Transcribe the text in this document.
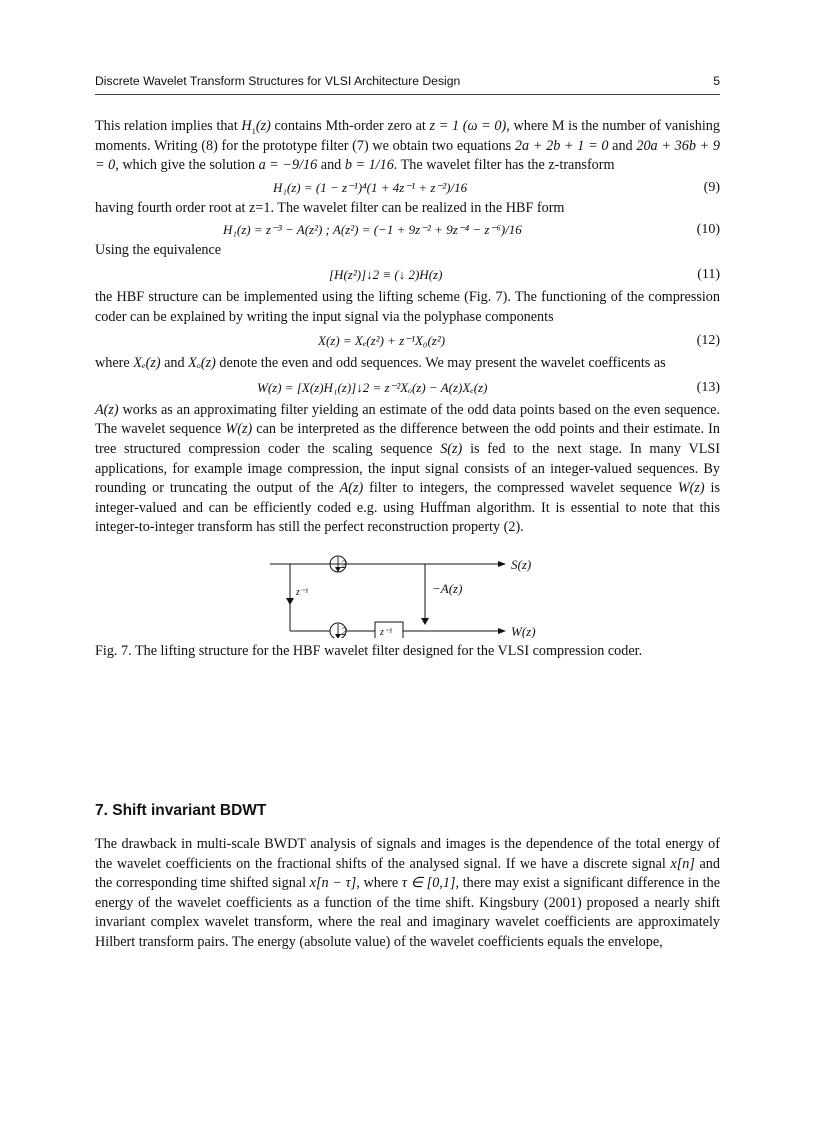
Discrete Wavelet Transform Structures for VLSI Architecture Design	5

This relation implies that $H_1(z)$ contains Mth-order zero at z = 1 (ω = 0), where M is the number of vanishing moments. Writing (8) for the prototype filter (7) we obtain two equations 2a + 2b + 1 = 0 and 20a + 36b + 9 = 0, which give the solution a = −9/16 and b = 1/16. The wavelet filter has the z-transform

H₁(z) = (1 − z⁻¹)⁴(1 + 4z⁻¹ + z⁻²)/16	(9)

having fourth order root at z=1. The wavelet filter can be realized in the HBF form

H₁(z) = z⁻³ − A(z²) ; A(z²) = (−1 + 9z⁻² + 9z⁻⁴ − z⁻⁶)/16	(10)

Using the equivalence

[H(z²)]↓2 ≡ (↓ 2)H(z)	(11)

the HBF structure can be implemented using the lifting scheme (Fig. 7). The functioning of the compression coder can be explained by writing the input signal via the polyphase components

X(z) = Xₑ(z²) + z⁻¹X₀(z²)	(12)

where Xₑ(z) and Xₒ(z) denote the even and odd sequences. We may present the wavelet coefficents as

W(z) = [X(z)H₁(z)]↓2 = z⁻²Xₒ(z) − A(z)Xₑ(z)	(13)

A(z) works as an approximating filter yielding an estimate of the odd data points based on the even sequence. The wavelet sequence W(z) can be interpreted as the difference between the odd points and their estimate. In tree structured compression coder the scaling sequence S(z) is fed to the next stage. In many VLSI applications, for example image compression, the input signal consists of an integer-valued sequences. By rounding or truncating the output of the A(z) filter to integers, the compressed wavelet sequence W(z) is integer-valued and can be efficiently coded e.g. using Huffman algorithm. It is essential to note that this integer-to-integer transform has still the perfect reconstruction property (2).

2
2
z⁻¹
z⁻¹
−A(z)
S(z)
W(z)

Fig. 7. The lifting structure for the HBF wavelet filter designed for the VLSI compression coder.

7. Shift invariant BDWT

The drawback in multi-scale BWDT analysis of signals and images is the dependence of the total energy of the wavelet coefficients on the fractional shifts of the analysed signal. If we have a discrete signal x[n] and the corresponding time shifted signal x[n − τ], where τ ∈ [0,1], there may exist a significant difference in the energy of the wavelet coefficients as a function of the time shift. Kingsbury (2001) proposed a nearly shift invariant complex wavelet transform, where the real and imaginary wavelet coefficients are approximately Hilbert transform pairs. The energy (absolute value) of the wavelet coefficients equals the envelope,
